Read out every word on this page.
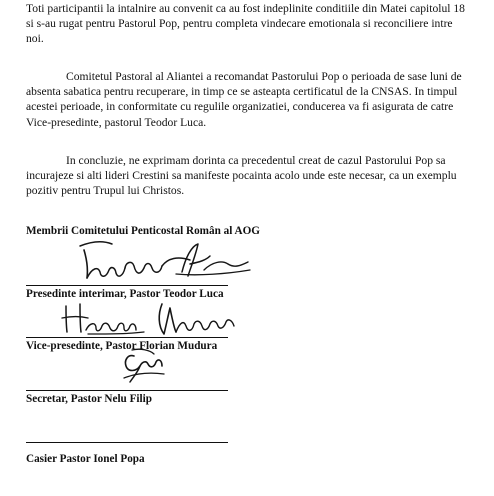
Toti participantii la intalnire au convenit ca au fost indeplinite conditiile din Matei capitolul 18 si s-au rugat pentru Pastorul Pop, pentru completa vindecare emotionala si reconciliere intre noi.

Comitetul Pastoral al Aliantei a recomandat Pastorului Pop o perioada de sase luni de absenta sabatica pentru recuperare, in timp ce se asteapta certificatul de la CNSAS. In timpul acestei perioade, in conformitate cu regulile organizatiei, conducerea va fi asigurata de catre Vice-presedinte, pastorul Teodor Luca.

In concluzie, ne exprimam dorinta ca precedentul creat de cazul Pastorului Pop sa incurajeze si alti lideri Crestini sa manifeste pocainta acolo unde este necesar, ca un exemplu pozitiv pentru Trupul lui Christos.

Membrii Comitetului Penticostal Român al AOG
Presedinte interimar, Pastor Teodor Luca
Vice-presedinte, Pastor Florian Mudura
Secretar, Pastor Nelu Filip
Casier Pastor Ionel Popa
